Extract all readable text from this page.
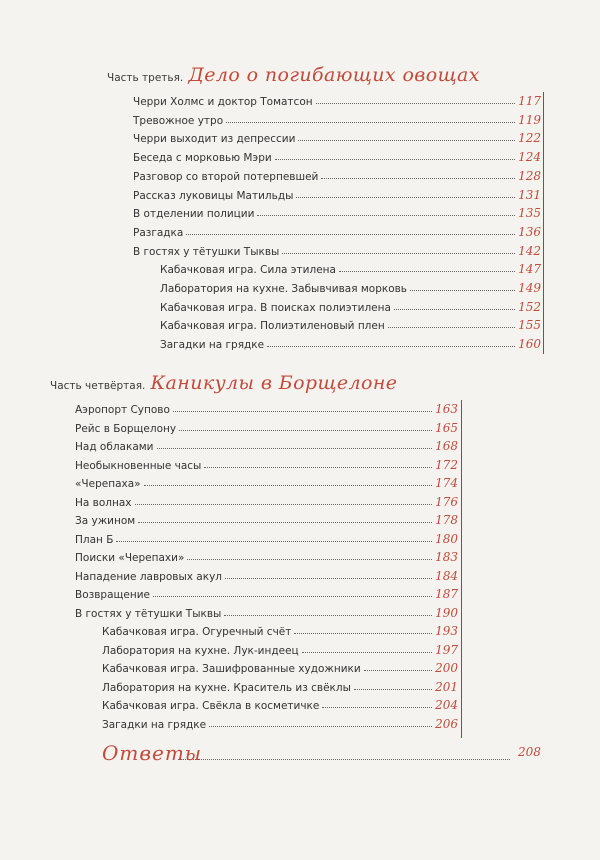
Часть третья. Дело о погибающих овощах
Черри Холмс и доктор Томатсон	117
Тревожное утро	119
Черри выходит из депрессии	122
Беседа с морковью Мэри	124
Разговор со второй потерпевшей	128
Рассказ луковицы Матильды	131
В отделении полиции	135
Разгадка	136
В гостях у тётушки Тыквы	142
Кабачковая игра. Сила этилена	147
Лаборатория на кухне. Забывчивая морковь	149
Кабачковая игра. В поисках полиэтилена	152
Кабачковая игра. Полиэтиленовый плен	155
Загадки на грядке	160
Часть четвёртая. Каникулы в Борщелоне
Аэропорт Супово	163
Рейс в Борщелону	165
Над облаками	168
Необыкновенные часы	172
«Черепаха»	174
На волнах	176
За ужином	178
План Б	180
Поиски «Черепахи»	183
Нападение лавровых акул	184
Возвращение	187
В гостях у тётушки Тыквы	190
Кабачковая игра. Огуречный счёт	193
Лаборатория на кухне. Лук-индеец	197
Кабачковая игра. Зашифрованные художники	200
Лаборатория на кухне. Краситель из свёклы	201
Кабачковая игра. Свёкла в косметичке	204
Загадки на грядке	206
Ответы	208
